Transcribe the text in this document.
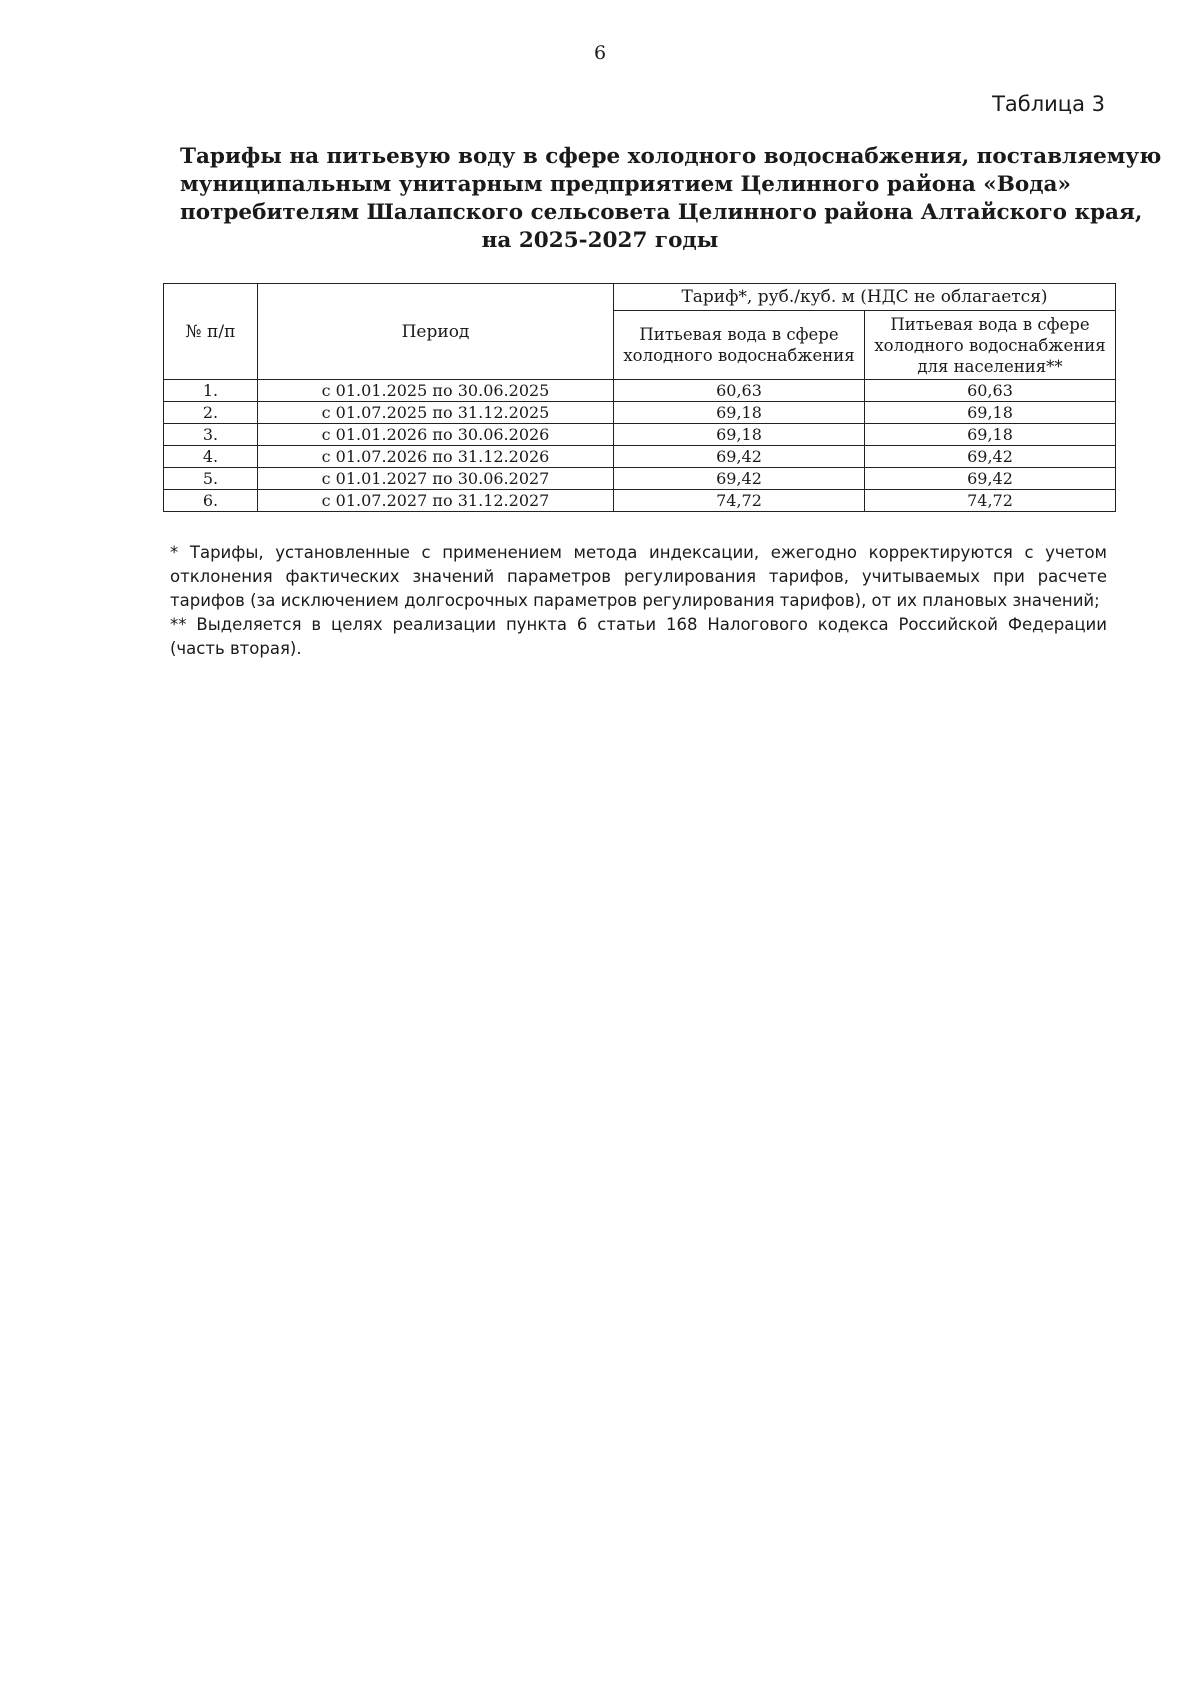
6
Таблица 3
Тарифы на питьевую воду в сфере холодного водоснабжения, поставляемую
муниципальным унитарным предприятием Целинного района «Вода»
потребителям Шалапского сельсовета Целинного района Алтайского края,
на 2025-2027 годы
№ п/п	Период	Тариф*, руб./куб. м (НДС не облагается)	
		Питьевая вода в сфере холодного водоснабжения	Питьевая вода в сфере холодного водоснабжения для населения**
1.	с 01.01.2025 по 30.06.2025	60,63	60,63
2.	с 01.07.2025 по 31.12.2025	69,18	69,18
3.	с 01.01.2026 по 30.06.2026	69,18	69,18
4.	с 01.07.2026 по 31.12.2026	69,42	69,42
5.	с 01.01.2027 по 30.06.2027	69,42	69,42
6.	с 01.07.2027 по 31.12.2027	74,72	74,72

* Тарифы, установленные с применением метода индексации, ежегодно корректируются с учетом отклонения фактических значений параметров регулирования тарифов, учитываемых при расчете тарифов (за исключением долгосрочных параметров регулирования тарифов), от их плановых значений;

** Выделяется в целях реализации пункта 6 статьи 168 Налогового кодекса Российской Федерации (часть вторая).
